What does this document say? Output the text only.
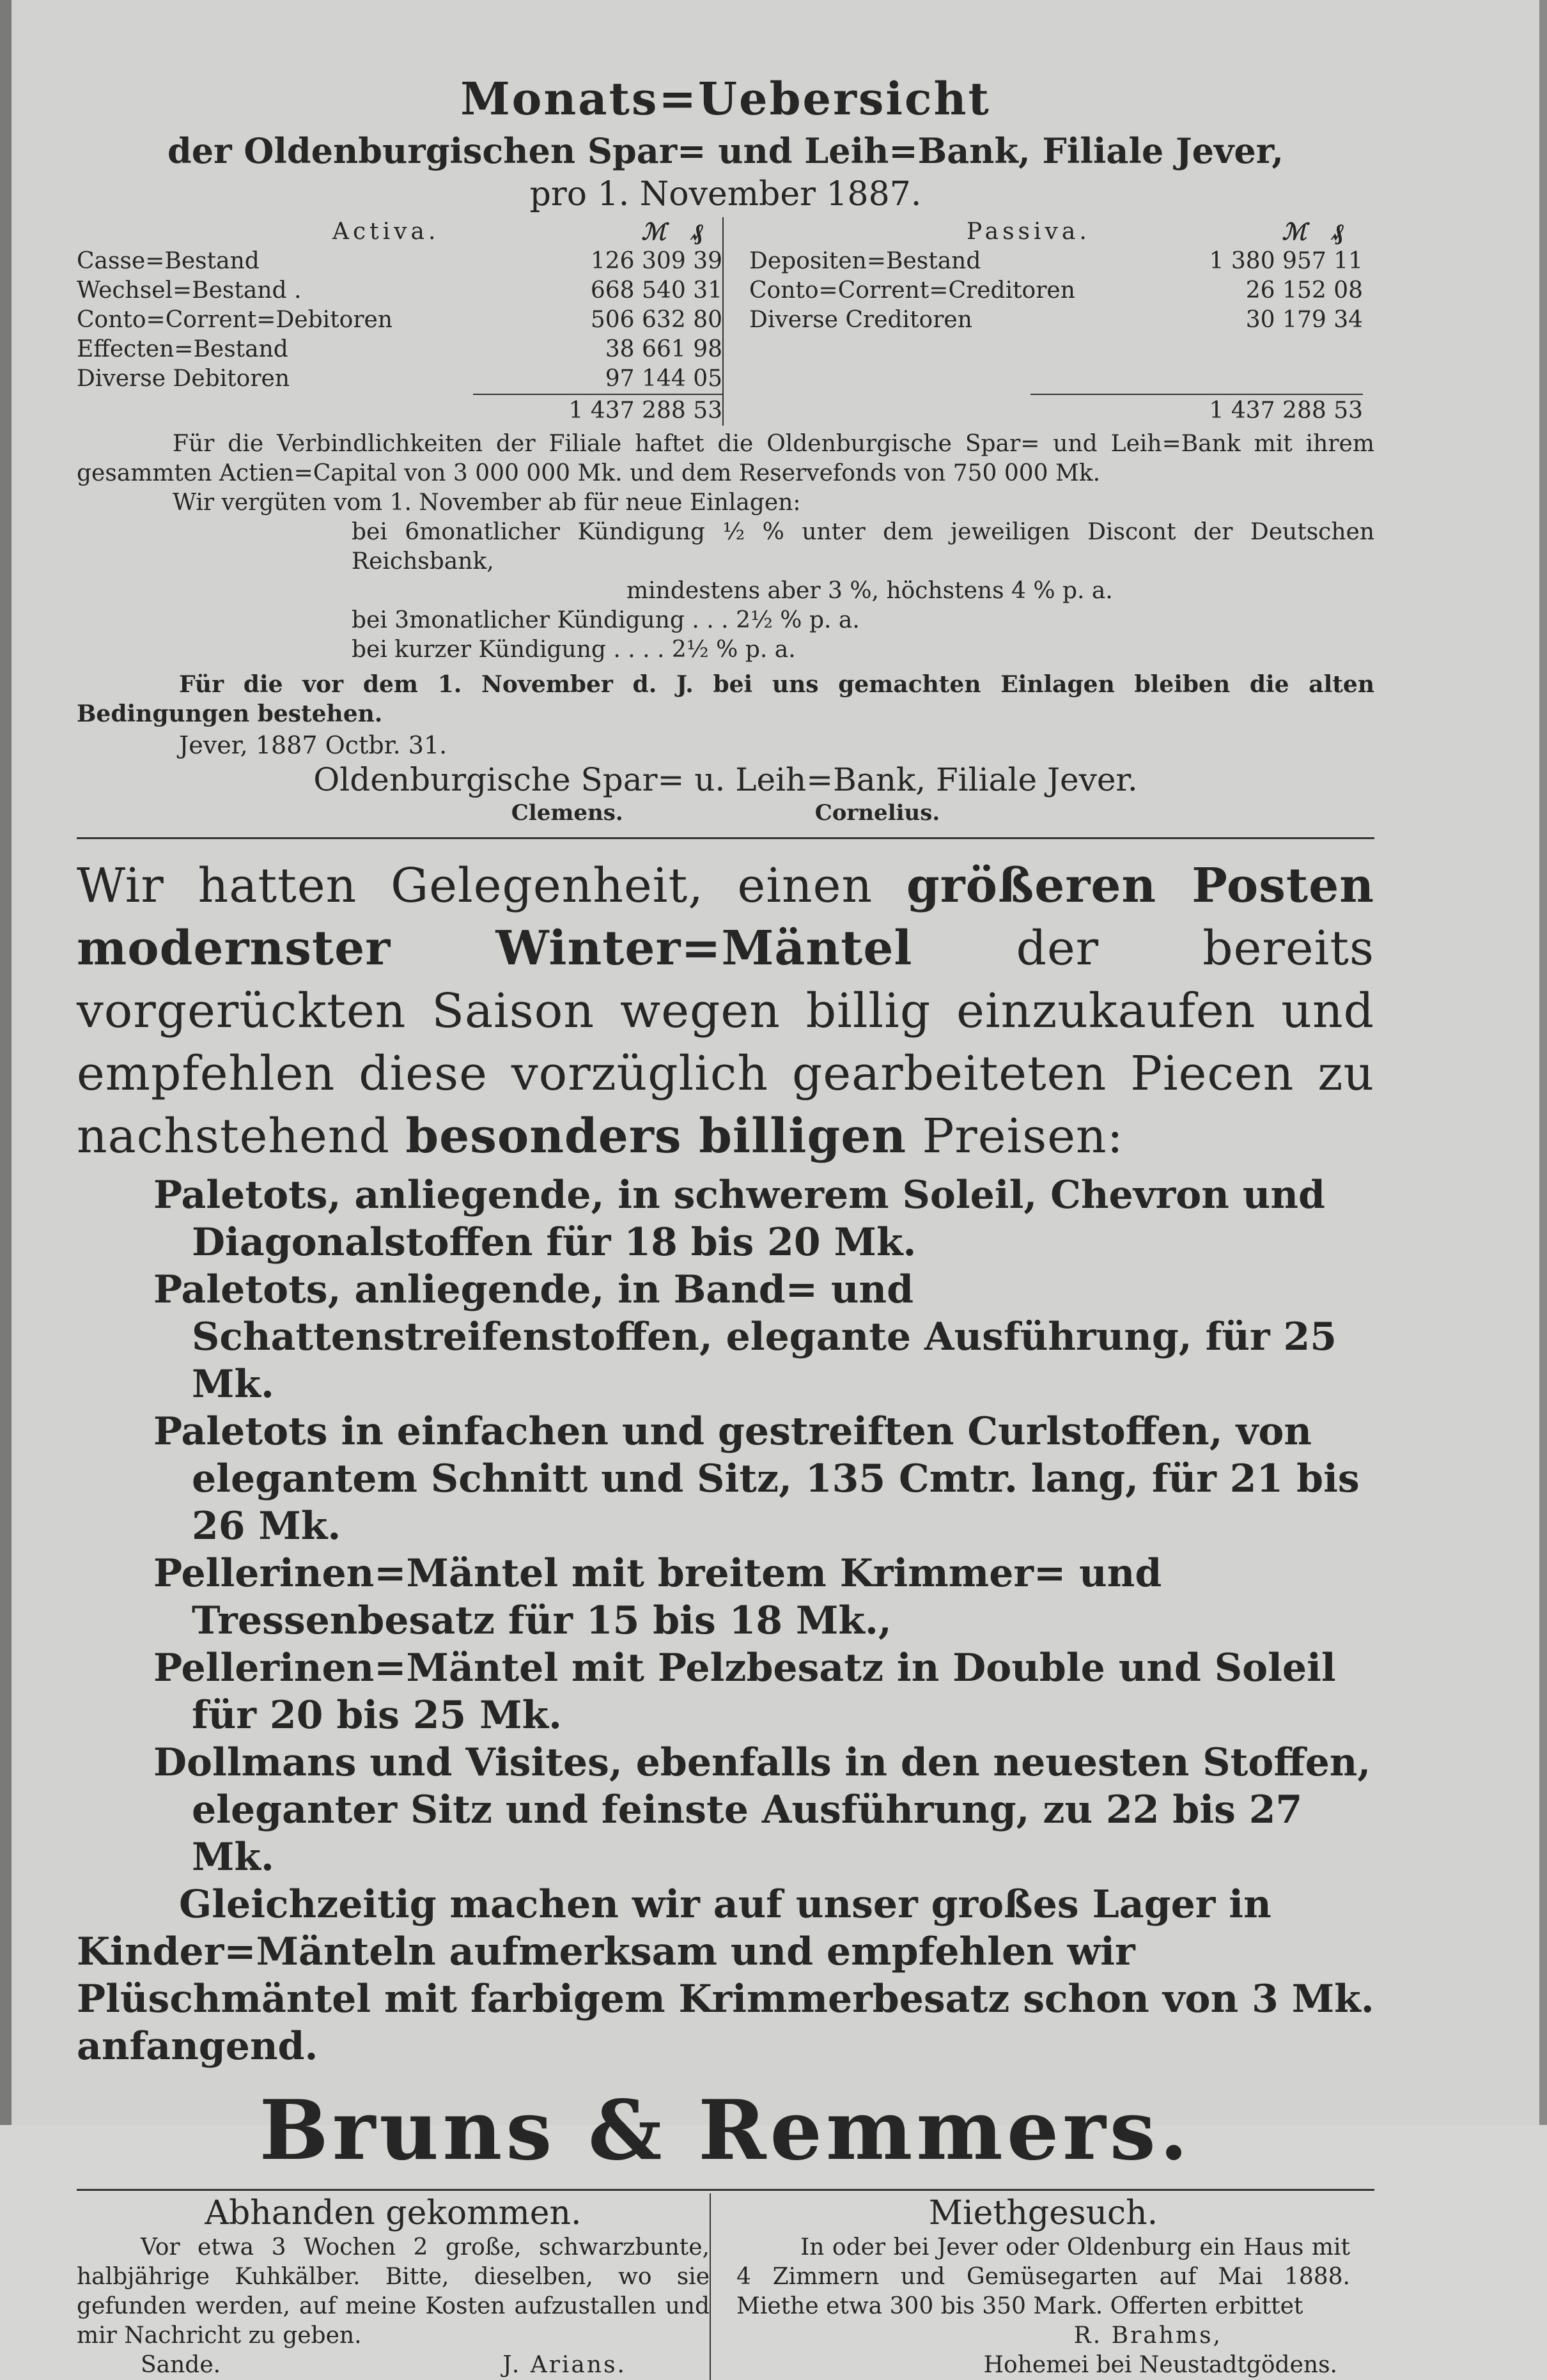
Monats=Uebersicht

der Oldenburgischen Spar= und Leih=Bank, Filiale Jever,

pro 1. November 1887.

Activa.	ℳ ₰
Casse=Bestand	126 309 39
Wechsel=Bestand .	668 540 31
Conto=Corrent=Debitoren	506 632 80
Effecten=Bestand	38 661 98
Diverse Debitoren	97 144 05
1 437 288 53
Passiva.	ℳ ₰
Depositen=Bestand	1 380 957 11
Conto=Corrent=Creditoren	26 152 08
Diverse Creditoren	30 179 34
1 437 288 53

Für die Verbindlichkeiten der Filiale haftet die Oldenburgische Spar= und Leih=Bank mit ihrem gesammten Actien=Capital von 3 000 000 Mk. und dem Reservefonds von 750 000 Mk.

Wir vergüten vom 1. November ab für neue Einlagen:

bei 6monatlicher Kündigung ½ % unter dem jeweiligen Discont der Deutschen Reichsbank,

mindestens aber 3 %, höchstens 4 % p. a.

bei 3monatlicher Kündigung . . . 2½ % p. a.

bei kurzer Kündigung . . . . 2½ % p. a.

Für die vor dem 1. November d. J. bei uns gemachten Einlagen bleiben die alten Bedingungen bestehen.

Jever, 1887 Octbr. 31.

Oldenburgische Spar= u. Leih=Bank, Filiale Jever.

Clemens.	Cornelius.

Wir hatten Gelegenheit, einen größeren Posten modernster Winter=Mäntel der bereits vorgerückten Saison wegen billig einzukaufen und empfehlen diese vorzüglich gearbeiteten Piecen zu nachstehend besonders billigen Preisen:

Paletots, anliegende, in schwerem Soleil, Chevron und Diagonalstoffen für 18 bis 20 Mk.

Paletots, anliegende, in Band= und Schattenstreifenstoffen, elegante Ausführung, für 25 Mk.

Paletots in einfachen und gestreiften Curlstoffen, von elegantem Schnitt und Sitz, 135 Cmtr. lang, für 21 bis 26 Mk.

Pellerinen=Mäntel mit breitem Krimmer= und Tressenbesatz für 15 bis 18 Mk.,

Pellerinen=Mäntel mit Pelzbesatz in Double und Soleil für 20 bis 25 Mk.

Dollmans und Visites, ebenfalls in den neuesten Stoffen, eleganter Sitz und feinste Ausführung, zu 22 bis 27 Mk.

Gleichzeitig machen wir auf unser großes Lager in Kinder=Mänteln aufmerksam und empfehlen wir Plüschmäntel mit farbigem Krimmerbesatz schon von 3 Mk. anfangend.

Bruns & Remmers.
Abhanden gekommen.
Vor etwa 3 Wochen 2 große, schwarzbunte, halbjährige Kuhkälber. Bitte, dieselben, wo sie gefunden werden, auf meine Kosten aufzustallen und mir Nachricht zu geben.
Sande.	J. Arians.
Miethgesuch.
In oder bei Jever oder Oldenburg ein Haus mit 4 Zimmern und Gemüsegarten auf Mai 1888. Miethe etwa 300 bis 350 Mark. Offerten erbittet
R. Brahms,
Hohemei bei Neustadtgödens.
